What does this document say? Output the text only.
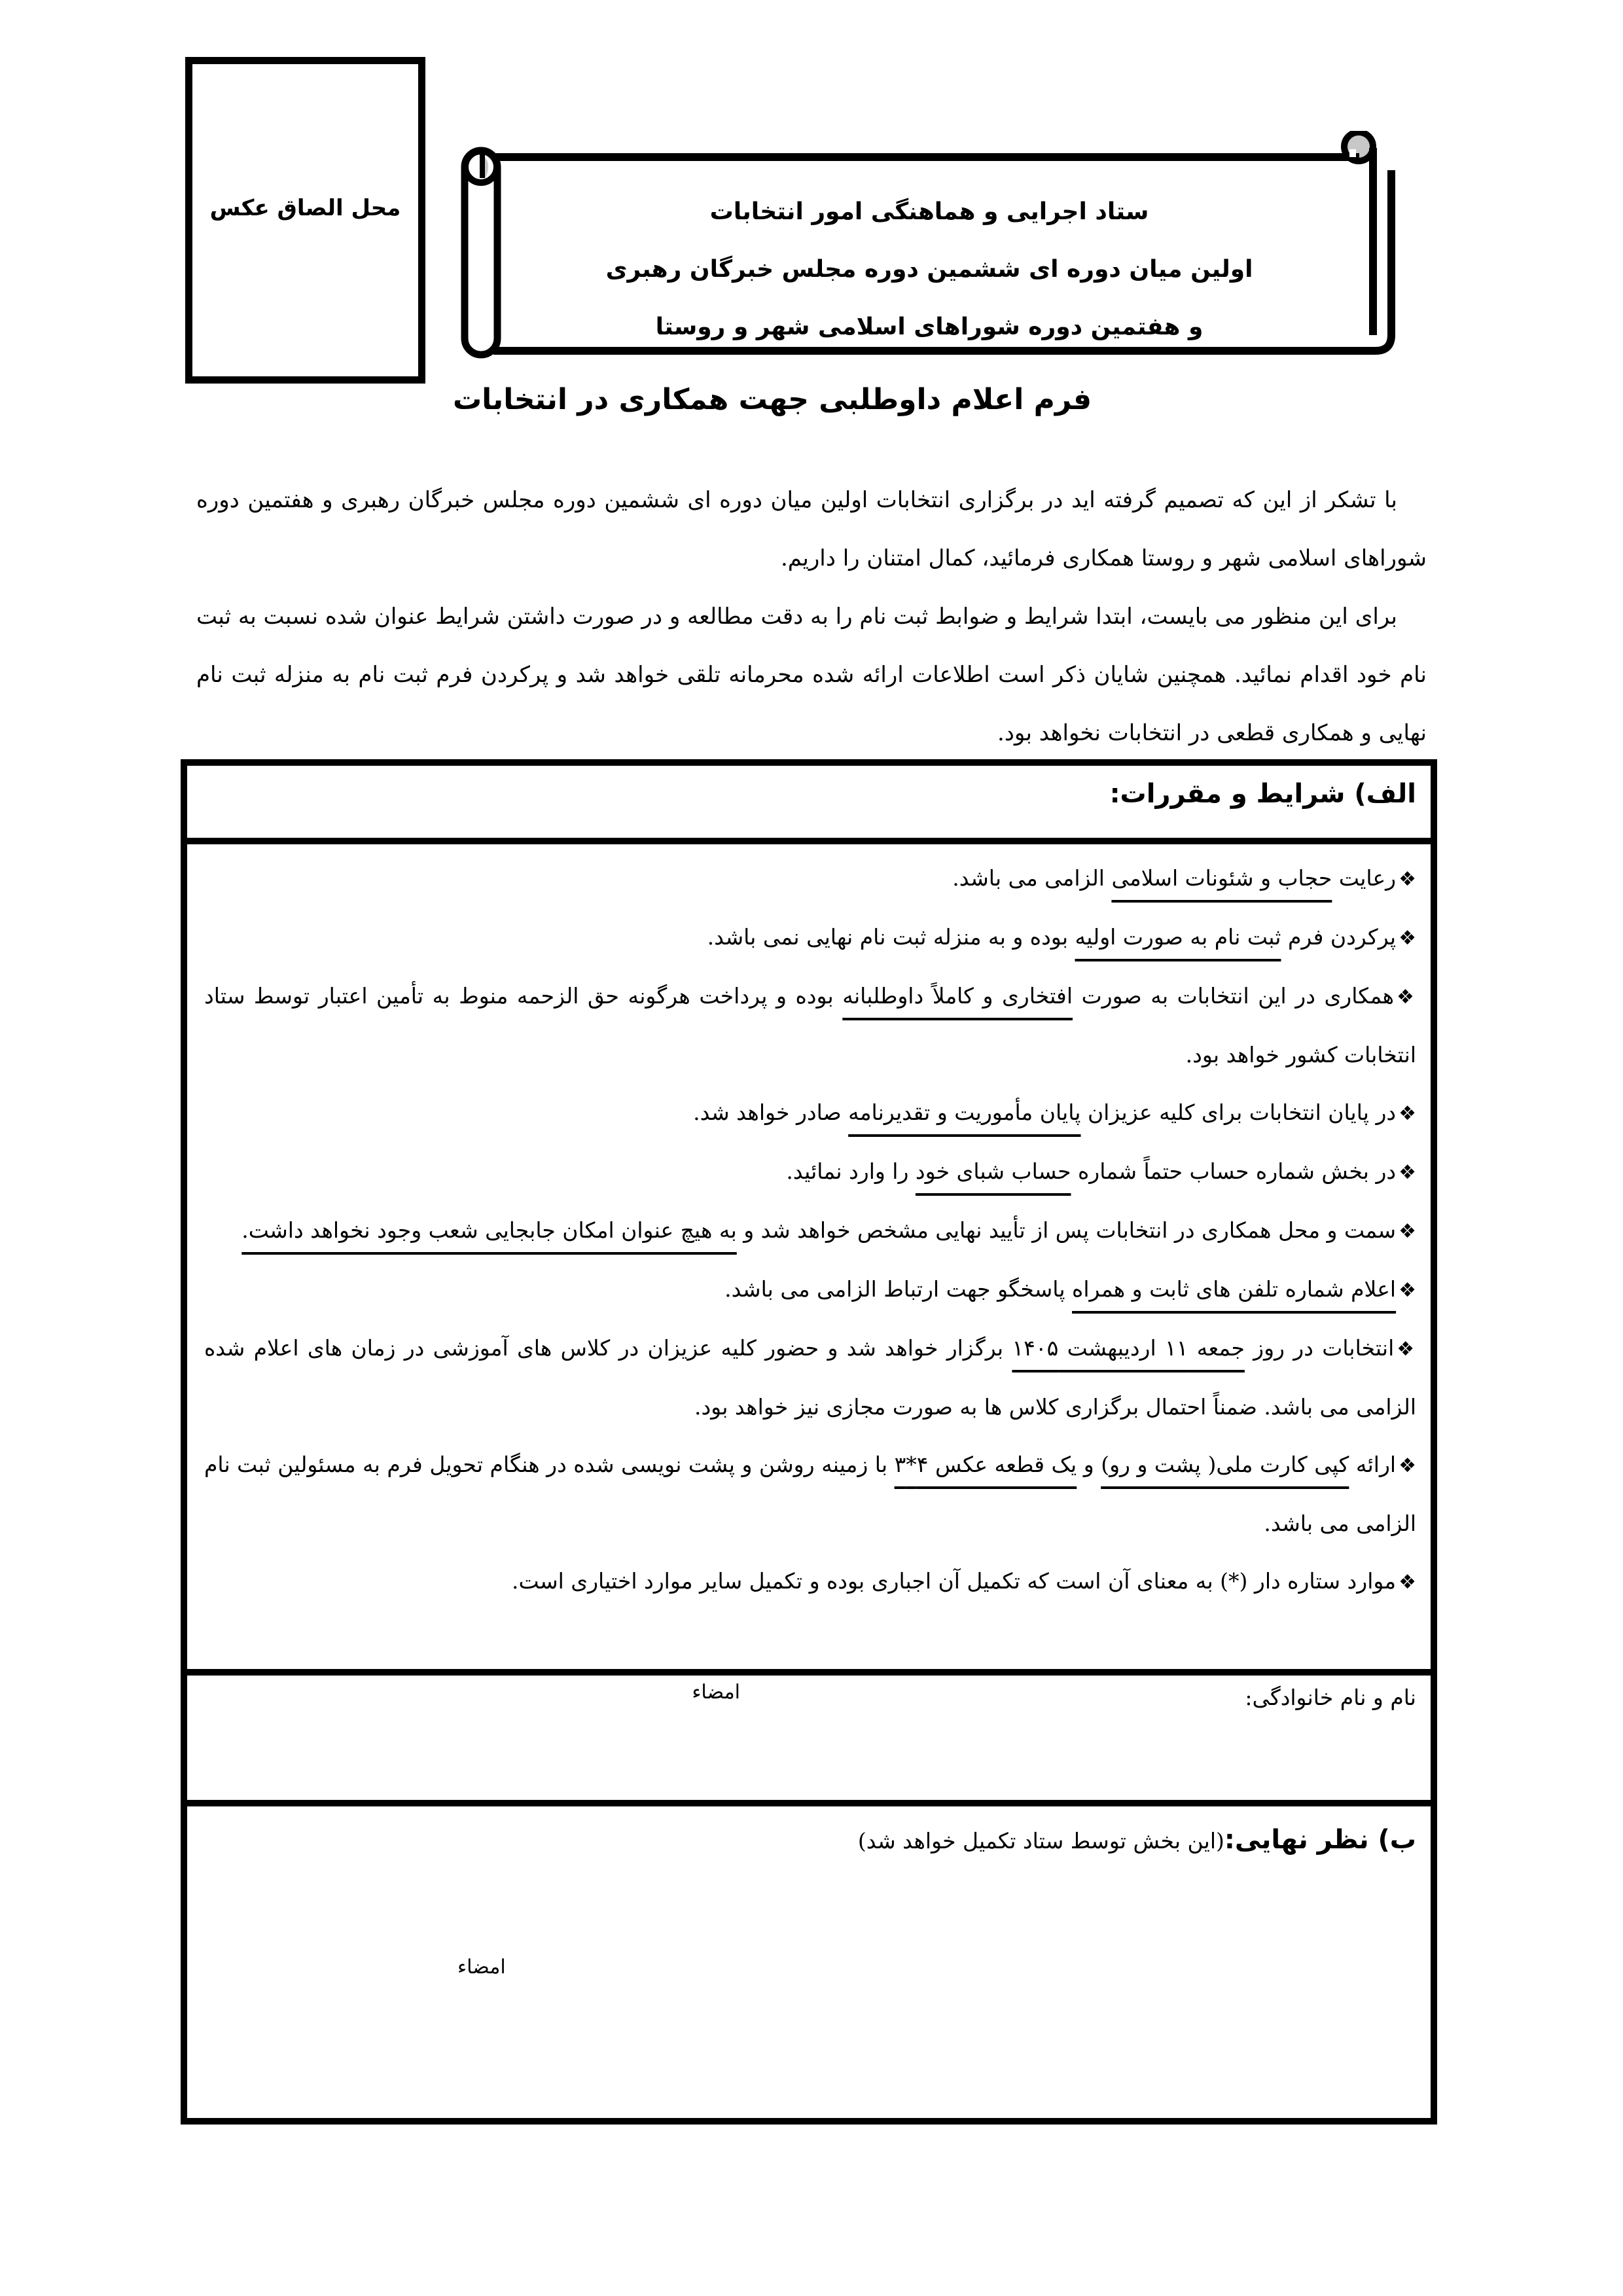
محل الصاق عکس	ستاد اجرایی و هماهنگی امور انتخابات
اولین میان دوره ای ششمین دوره مجلس خبرگان رهبری
و هفتمین دوره شوراهای اسلامی شهر و روستا
فرم اعلام داوطلبی جهت همکاری در انتخابات

با تشکر از این که تصمیم گرفته اید در برگزاری انتخابات اولین میان دوره ای ششمین دوره مجلس خبرگان رهبری و هفتمین دوره شوراهای اسلامی شهر و روستا همکاری فرمائید، کمال امتنان را داریم.

برای این منظور می بایست، ابتدا شرایط و ضوابط ثبت نام را به دقت مطالعه و در صورت داشتن شرایط عنوان شده نسبت به ثبت نام خود اقدام نمائید. همچنین شایان ذکر است اطلاعات ارائه شده محرمانه تلقی خواهد شد و پرکردن فرم ثبت نام به منزله ثبت نام نهایی و همکاری قطعی در انتخابات نخواهد بود.

الف) شرایط و مقررات:
❖رعایت حجاب و شئونات اسلامی الزامی می باشد.
❖پرکردن فرم ثبت نام به صورت اولیه بوده و به منزله ثبت نام نهایی نمی باشد.
❖همکاری در این انتخابات به صورت افتخاری و کاملاً داوطلبانه بوده و پرداخت هرگونه حق الزحمه منوط به تأمین اعتبار توسط ستاد انتخابات کشور خواهد بود.
❖در پایان انتخابات برای کلیه عزیزان پایان مأموریت و تقدیرنامه صادر خواهد شد.
❖در بخش شماره حساب حتماً شماره حساب شبای خود را وارد نمائید.
❖سمت و محل همکاری در انتخابات پس از تأیید نهایی مشخص خواهد شد و به هیچ عنوان امکان جابجایی شعب وجود نخواهد داشت.
❖اعلام شماره تلفن های ثابت و همراه پاسخگو جهت ارتباط الزامی می باشد.
❖انتخابات در روز جمعه ۱۱ اردیبهشت ۱۴۰۵ برگزار خواهد شد و حضور کلیه عزیزان در کلاس های آموزشی در زمان های اعلام شده الزامی می باشد. ضمناً احتمال برگزاری کلاس ها به صورت مجازی نیز خواهد بود.
❖ارائه کپی کارت ملی( پشت و رو) و یک قطعه عکس ۴*۳ با زمینه روشن و پشت نویسی شده در هنگام تحویل فرم به مسئولین ثبت نام الزامی می باشد.
❖موارد ستاره دار (*) به معنای آن است که تکمیل آن اجباری بوده و تکمیل سایر موارد اختیاری است.
نام و نام خانوادگی:
امضاء
ب) نظر نهایی:(این بخش توسط ستاد تکمیل خواهد شد)
امضاء
